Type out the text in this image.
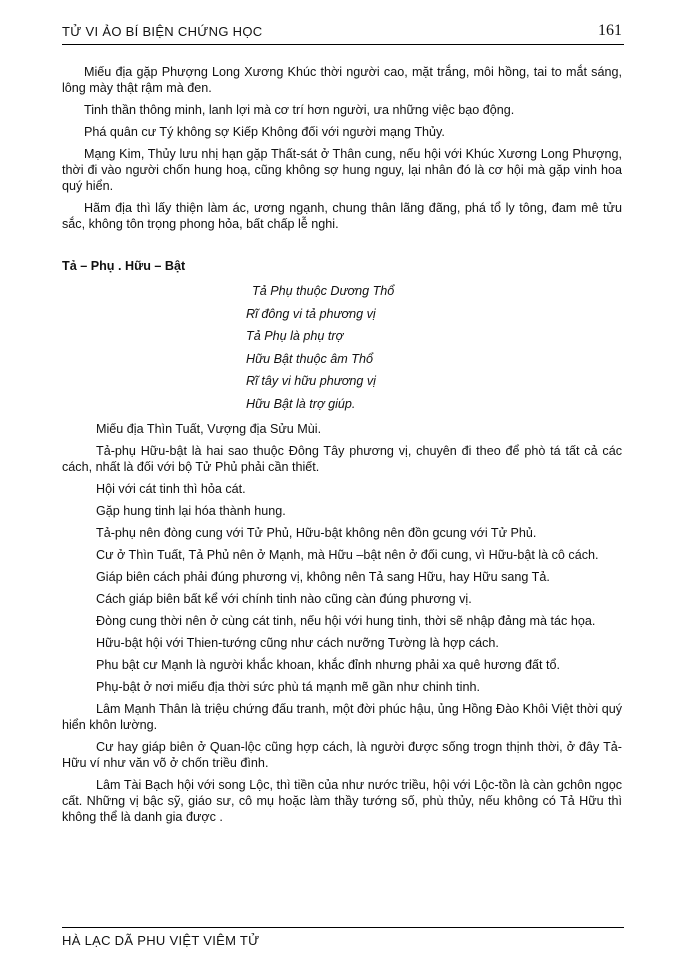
TỬ VI ẢO BÍ BIỆN CHỨNG HỌC	161

Miếu địa gặp Phượng Long Xương Khúc thời người cao, mặt trắng, môi hồng, tai to mắt sáng, lông mày thật rậm mà đen.

Tinh thần thông minh, lanh lợi mà cơ trí hơn người, ưa những việc bạo động.

Phá quân cư Tý không sợ Kiếp Không đối với người mạng Thủy.

Mạng Kim, Thủy lưu nhị hạn gặp Thất-sát ở Thân cung, nếu hội với Khúc Xương Long Phượng, thời đi vào người chốn hung hoạ, cũng không sợ hung nguy, lại nhân đó là cơ hội mà gặp vinh hoa quý hiển.

Hãm địa thì lấy thiện làm ác, ương ngạnh, chung thân lãng đãng, phá tổ ly tông, đam mê tửu sắc, không tôn trọng phong hỏa, bất chấp lễ nghi.

Tả – Phụ . Hữu – Bật
Tả Phụ thuộc Dương Thổ
Rĩ đông vi tả phương vị
Tả Phụ là phụ trợ
Hữu Bật thuộc âm Thổ
Rĩ tây vi hữu phương vị
Hữu Bật là trợ giúp.

Miếu địa Thìn Tuất, Vượng địa Sửu Mùi.

Tả-phụ Hữu-bật là hai sao thuộc Đông Tây phương vị, chuyên đi theo để phò tá tất cả các cách, nhất là đối với bộ Tử Phủ phải cần thiết.

Hội với cát tinh thì hỏa cát.

Gặp hung tinh lại hóa thành hung.

Tả-phụ nên đòng cung với Tử Phủ, Hữu-bật không nên đồn gcung với Tử Phủ.

Cư ở Thìn Tuất, Tả Phủ nên ở Mạnh, mà Hữu –bật nên ở đối cung, vì Hữu-bật là cô cách.

Giáp biên cách phải đúng phương vị, không nên Tả sang Hữu, hay Hữu sang Tả.

Cách giáp biên bất kể với chính tinh nào cũng càn đúng phương vị.

Đòng cung thời nên ở cùng cát tinh, nếu hội với hung tinh, thời sẽ nhập đảng mà tác họa.

Hữu-bật hội với Thien-tướng cũng như cách nưỡng Tường là hợp cách.

Phu bật cư Mạnh là người khắc khoan, khắc đỉnh nhưng phải xa quê hương đất tổ.

Phụ-bật ở nơi miếu địa thời sức phù tá mạnh mẽ gần như chinh tinh.

Lâm Mạnh Thân là triệu chứng đấu tranh, một đời phúc hậu, ủng Hồng Đào Khôi Việt thời quý hiển khôn lường.

Cư hay giáp biên ở Quan-lộc cũng hợp cách, là người được sống trogn thịnh thời, ở đây Tả-Hữu ví như văn võ ở chốn triều đình.

Lâm Tài Bạch hội với song Lộc, thì tiền của như nước triều, hội với Lộc-tồn là càn gchôn ngọc cất. Những vị bậc sỹ, giáo sư, cô mụ hoặc làm thầy tướng số, phù thủy, nếu không có Tả Hữu thì không thể là danh gia được .

HÀ LẠC DÃ PHU VIỆT VIÊM TỬ
